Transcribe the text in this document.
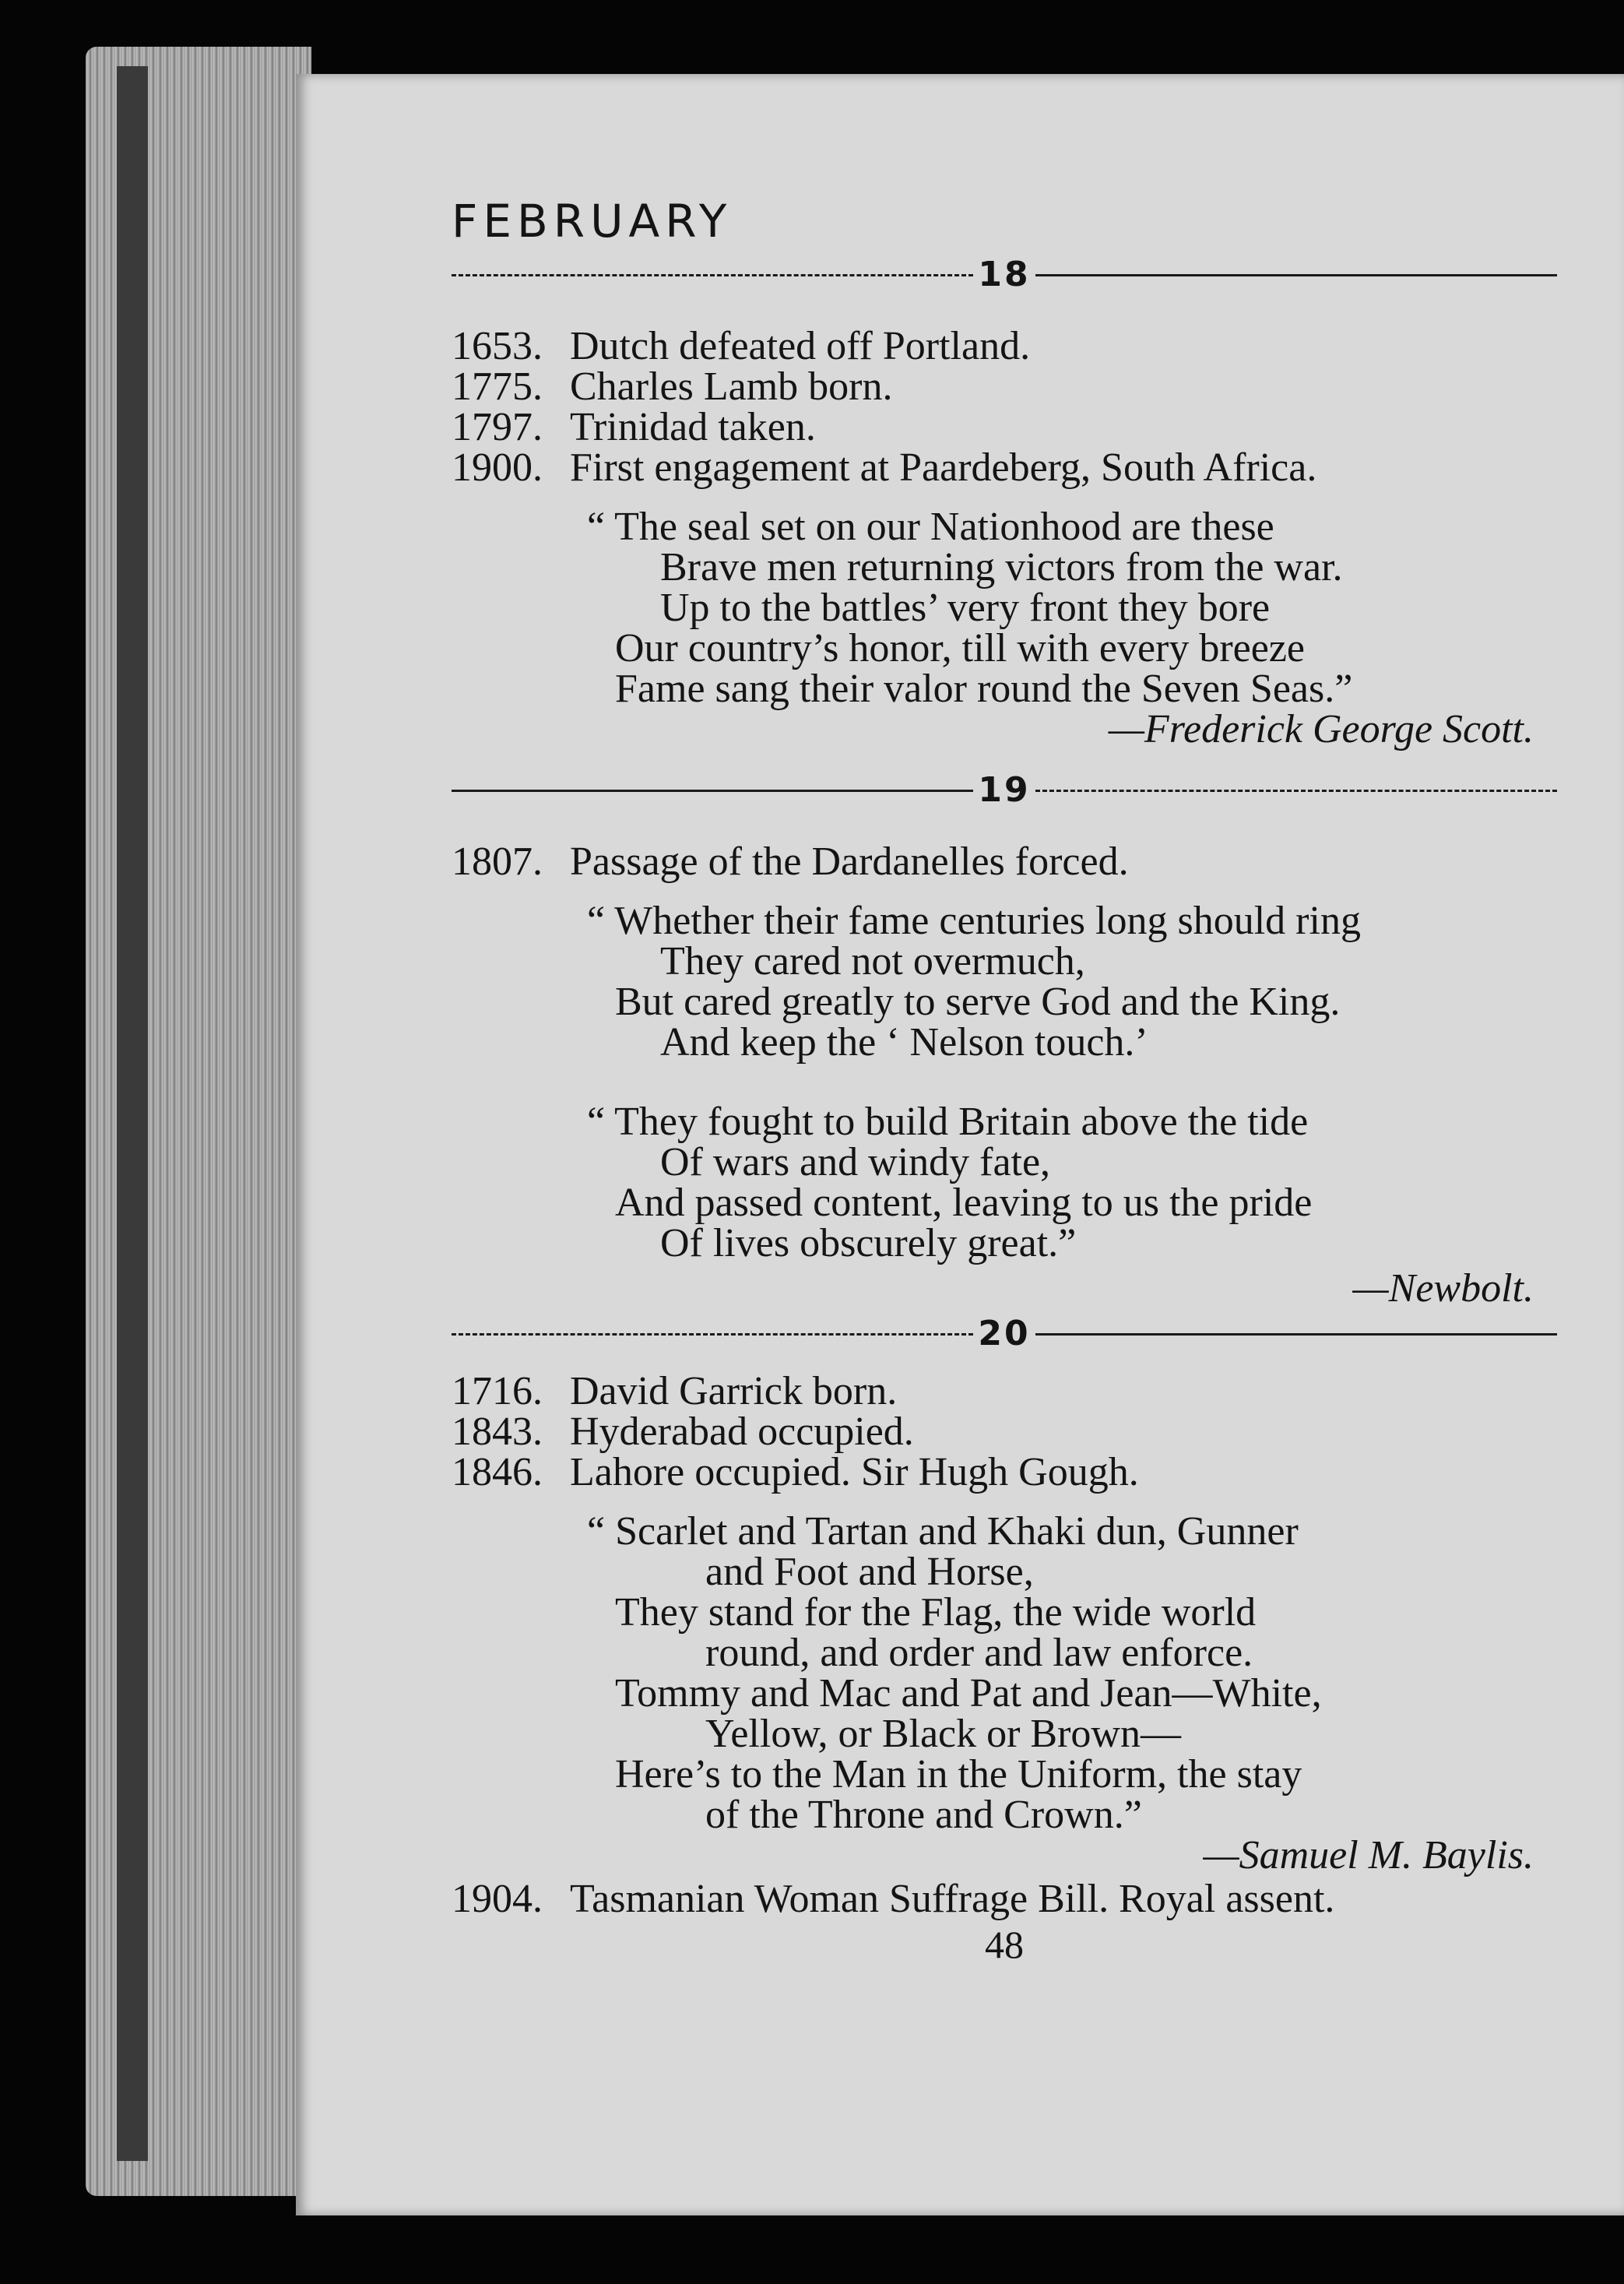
FEBRUARY
18
1653. Dutch defeated off Portland.
1775. Charles Lamb born.
1797. Trinidad taken.
1900. First engagement at Paardeberg, South Africa.
“ The seal set on our Nationhood are these
Brave men returning victors from the war.
Up to the battles’ very front they bore
Our country’s honor, till with every breeze
Fame sang their valor round the Seven Seas.”
—Frederick George Scott.
19
1807. Passage of the Dardanelles forced.
“ Whether their fame centuries long should ring
They cared not overmuch,
But cared greatly to serve God and the King.
And keep the ‘ Nelson touch.’
“ They fought to build Britain above the tide
Of wars and windy fate,
And passed content, leaving to us the pride
Of lives obscurely great.”
—Newbolt.
20
1716. David Garrick born.
1843. Hyderabad occupied.
1846. Lahore occupied. Sir Hugh Gough.
“ Scarlet and Tartan and Khaki dun, Gunner
and Foot and Horse,
They stand for the Flag, the wide world
round, and order and law enforce.
Tommy and Mac and Pat and Jean—White,
Yellow, or Black or Brown—
Here’s to the Man in the Uniform, the stay
of the Throne and Crown.”
—Samuel M. Baylis.
1904. Tasmanian Woman Suffrage Bill. Royal assent.
48
